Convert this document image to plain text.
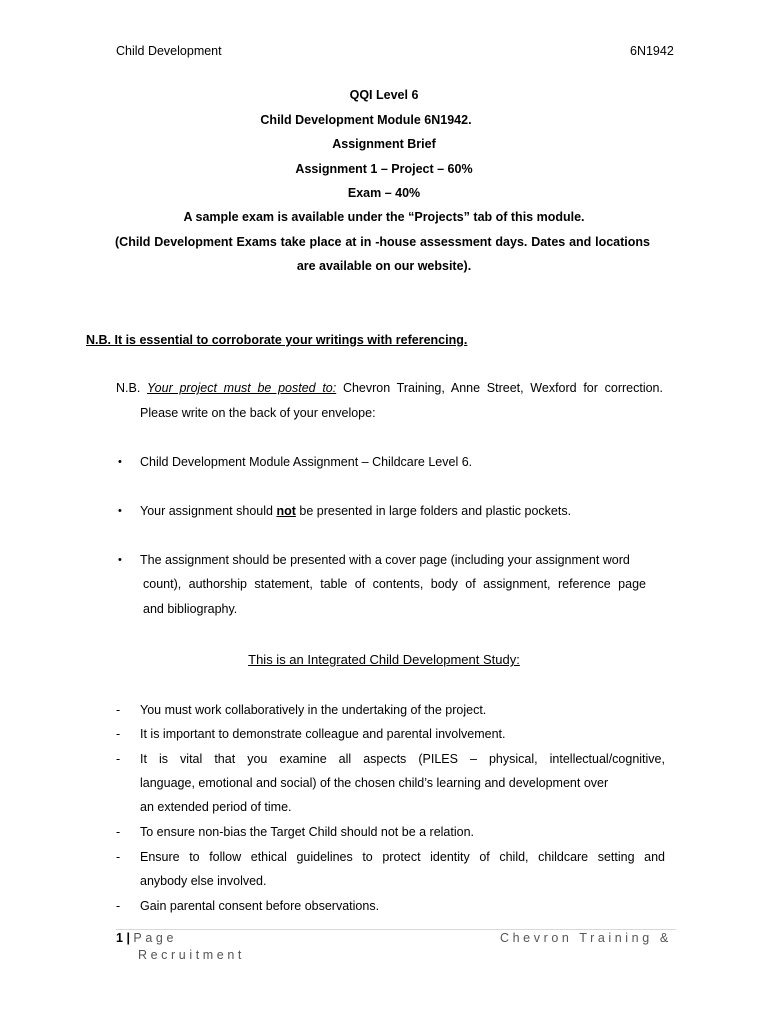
Child Development	6N1942
QQI Level 6
Child Development Module 6N1942.
Assignment Brief
Assignment 1 – Project – 60%
Exam – 40%
A sample exam is available under the “Projects” tab of this module.
(Child Development Exams take place at in -house assessment days. Dates and locations
are available on our website).
N.B. It is essential to corroborate your writings with referencing.
N.B. Your project must be posted to: Chevron Training, Anne Street, Wexford for correction.
Please write on the back of your envelope:
• Child Development Module Assignment – Childcare Level 6.
• Your assignment should not be presented in large folders and plastic pockets.
• The assignment should be presented with a cover page (including your assignment word
count), authorship statement, table of contents, body of assignment, reference page
and bibliography.
This is an Integrated Child Development Study:
- You must work collaboratively in the undertaking of the project.
- It is important to demonstrate colleague and parental involvement.
- It is vital that you examine all aspects (PILES – physical, intellectual/cognitive,
language, emotional and social) of the chosen child’s learning and development over
an extended period of time.
- To ensure non-bias the Target Child should not be a relation.
- Ensure to follow ethical guidelines to protect identity of child, childcare setting and
anybody else involved.
- Gain parental consent before observations.
1 | Page	Chevron Training &
Recruitment
